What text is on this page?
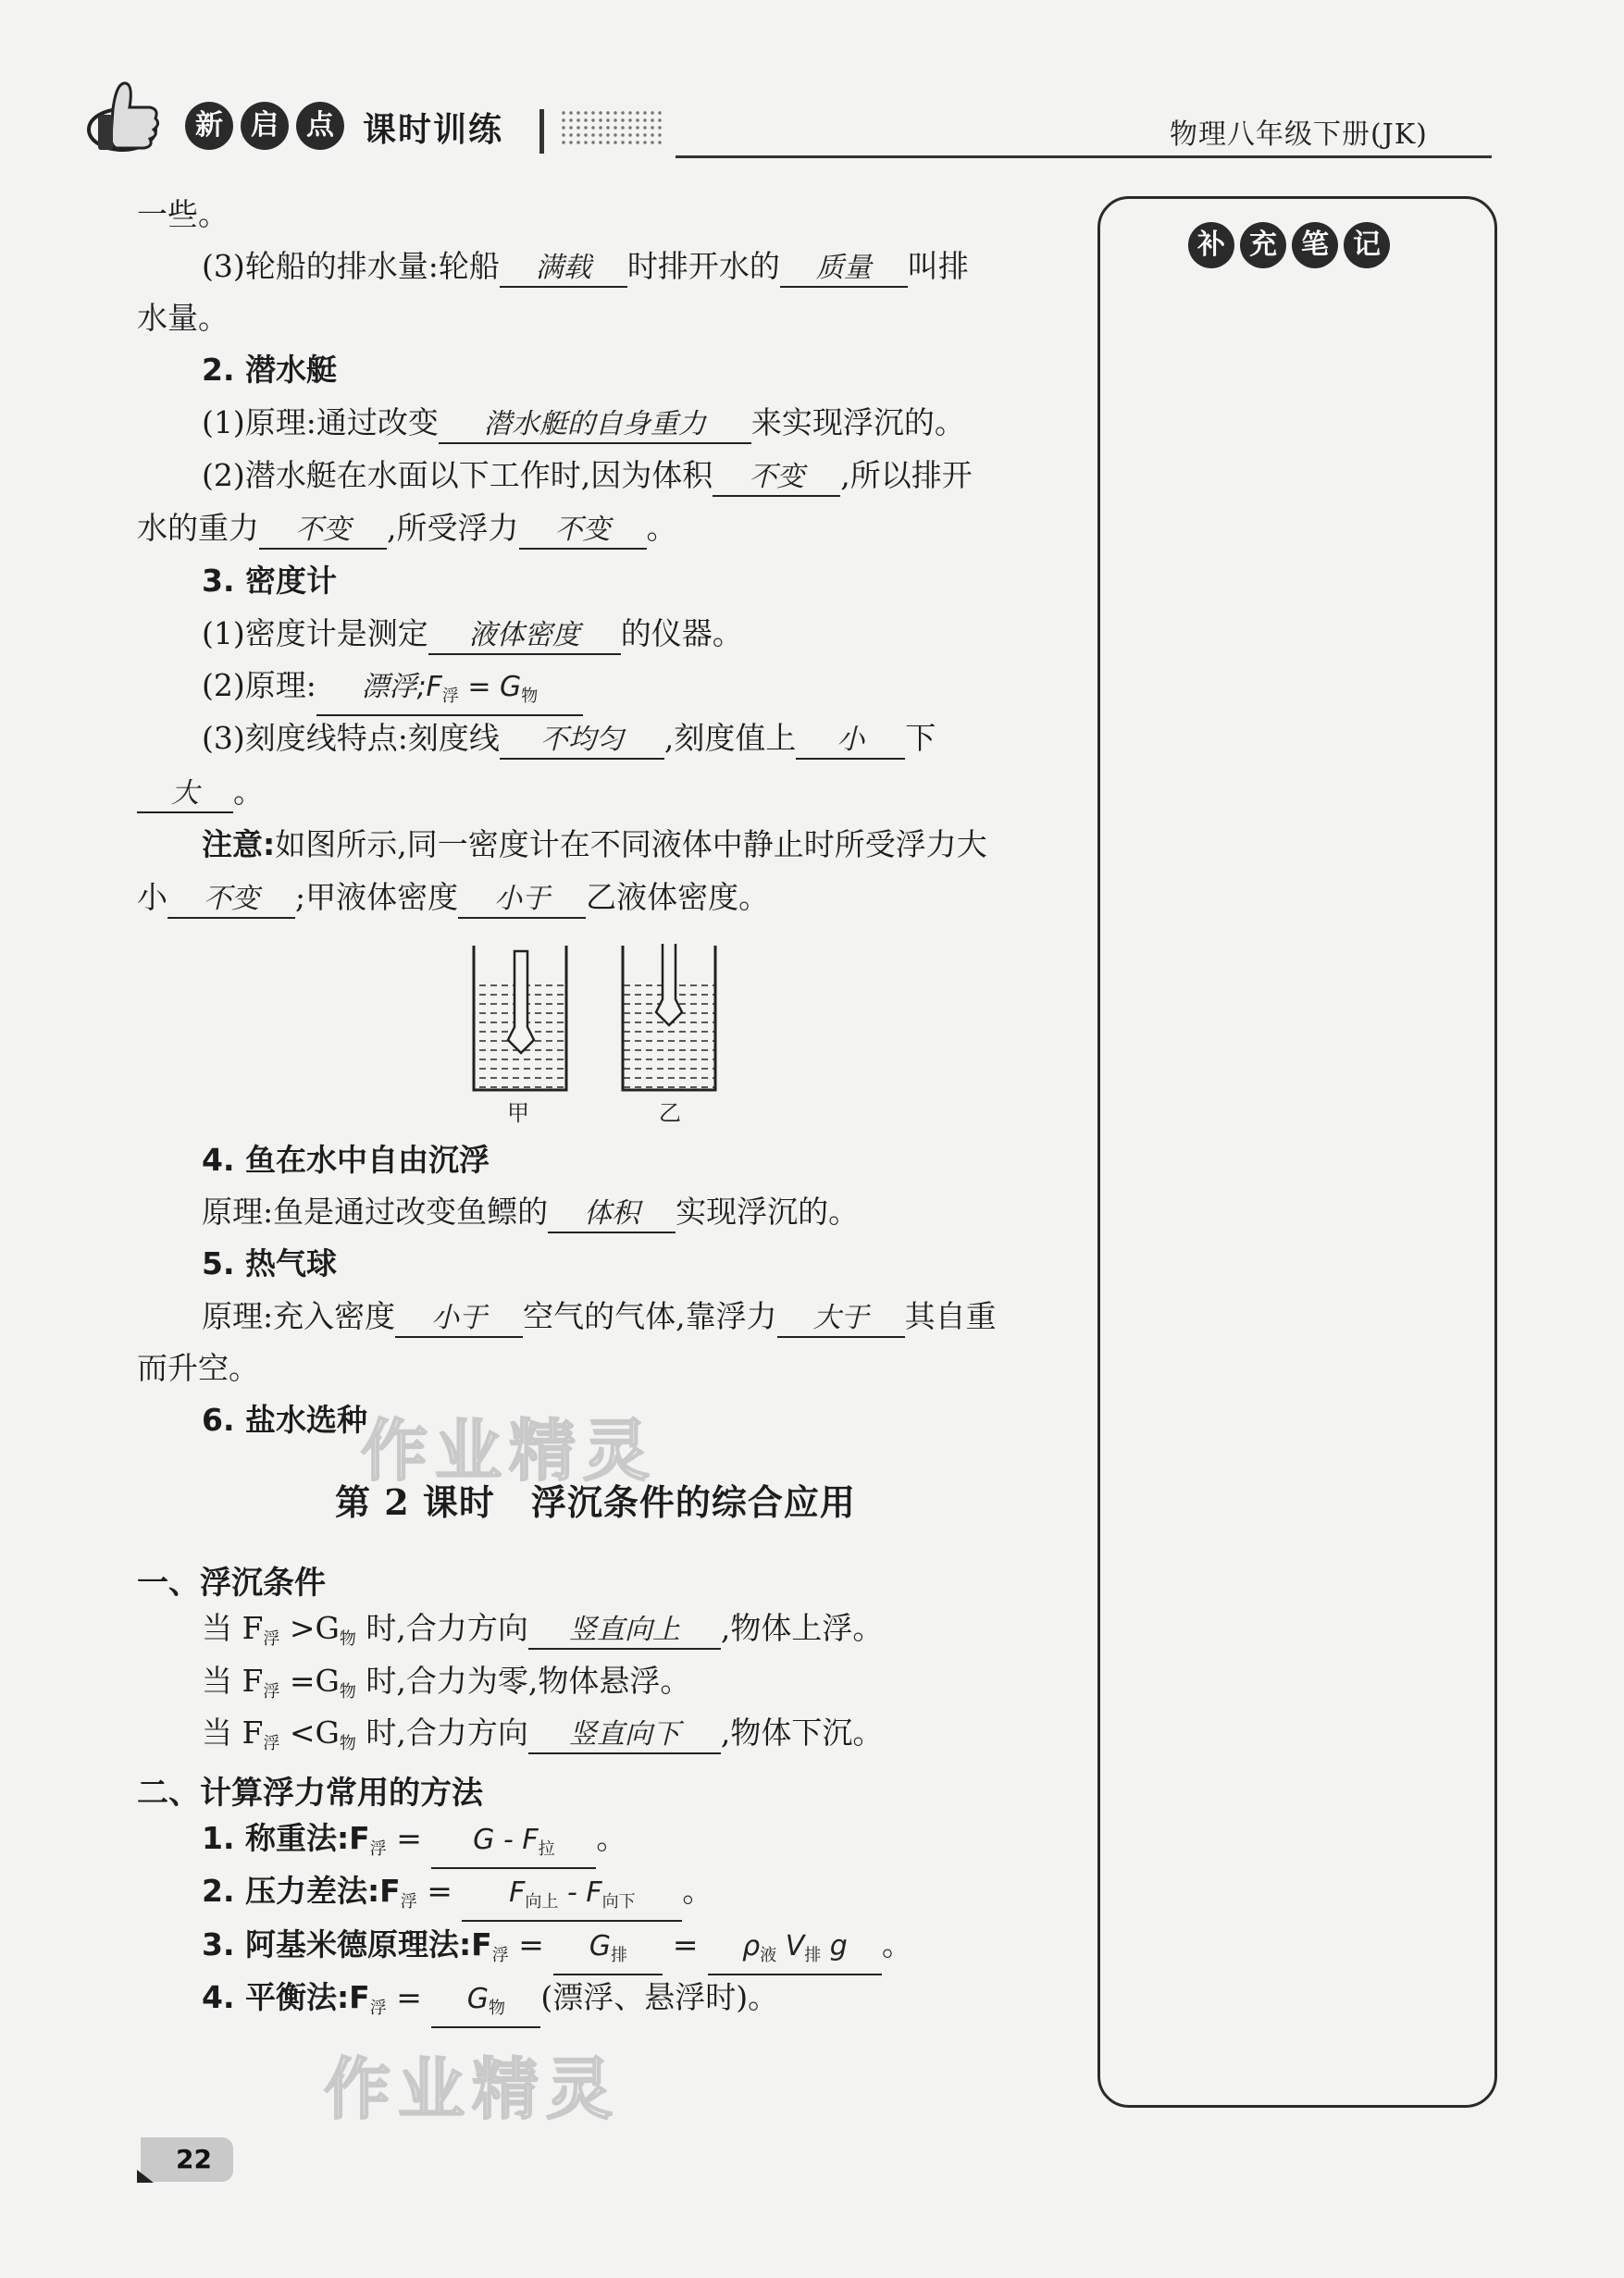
新	启	点 课时训练	物理八年级下册(JK)
补 充 笔 记
一些。
(3)轮船的排水量:轮船 满载 时排开水的 质量 叫排
水量。
2. 潜水艇
(1)原理:通过改变 潜水艇的自身重力 来实现浮沉的。
(2)潜水艇在水面以下工作时,因为体积 不变 ,所以排开
水的重力 不变 ,所受浮力 不变 。
3. 密度计
(1)密度计是测定 液体密度 的仪器。
(2)原理: 漂浮$;F_浮 = G_物$
(3)刻度线特点:刻度线 不均匀 ,刻度值上 小 下
大 。
注意:如图所示,同一密度计在不同液体中静止时所受浮力大
小 不变 ;甲液体密度 小于 乙液体密度。
甲	乙
4. 鱼在水中自由沉浮
原理:鱼是通过改变鱼鳔的 体积 实现浮沉的。
5. 热气球
原理:充入密度 小于 空气的气体,靠浮力 大于 其自重
而升空。
6. 盐水选种
第 2 课时　浮沉条件的综合应用
一、浮沉条件
当 $F_浮 >G_物$ 时,合力方向 竖直向上 ,物体上浮。
当 $F_浮 =G_物$ 时,合力为零,物体悬浮。
当 $F_浮 <G_物$ 时,合力方向 竖直向下 ,物体下沉。
二、计算浮力常用的方法
1. 称重法$:F_浮 = G - F_拉$ 。
2. 压力差法$:F_浮 = F_{向上} - F_{向下}$ 。
3. 阿基米德原理法$:F_浮 = G_排 = \rho_液$ $V_排$ g 。
4. 平衡法$:F_浮 = G_物$ (漂浮、悬浮时)。
作业精灵
作业精灵
22
